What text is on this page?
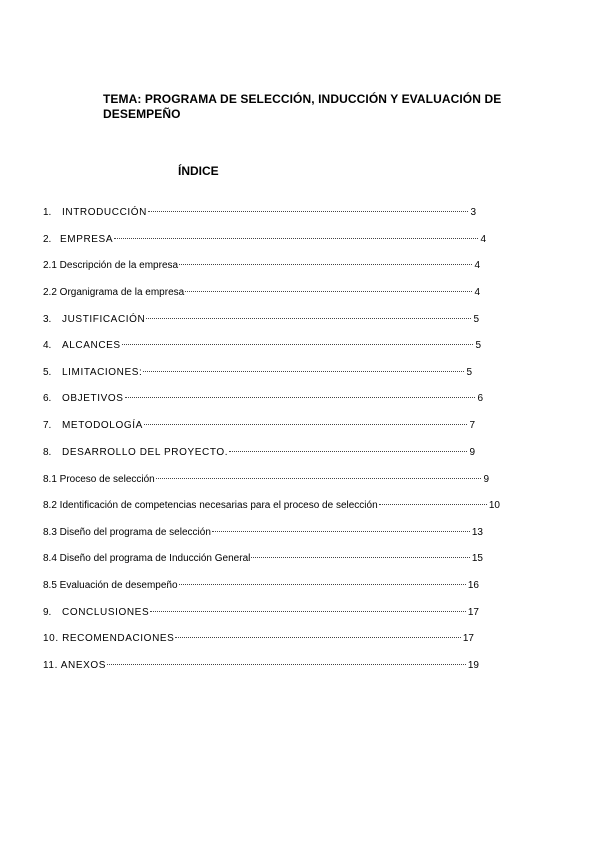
TEMA: PROGRAMA DE SELECCIÓN, INDUCCIÓN Y EVALUACIÓN DE DESEMPEÑO
ÍNDICE
1.	INTRODUCCIÓN	3
2. EMPRESA	4
2.1 Descripción de la empresa	4
2.2 Organigrama de la empresa	4
3.	JUSTIFICACIÓN	5
4.	ALCANCES	5
5.	LIMITACIONES:	5
6.	OBJETIVOS	6
7.	METODOLOGÍA	7
8.	DESARROLLO DEL PROYECTO.	9
8.1 Proceso de selección	9
8.2 Identificación de competencias necesarias para el proceso de selección	10
8.3 Diseño del programa de selección	13
8.4 Diseño del programa de Inducción General	15
8.5 Evaluación de desempeño	16
9.	CONCLUSIONES	17
10. RECOMENDACIONES	17
11. ANEXOS	19
